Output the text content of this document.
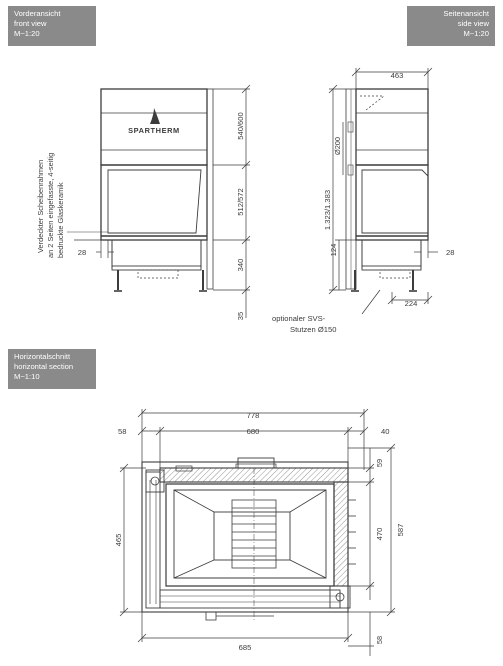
Vorderansicht
front view
M~1:20
Seitenansicht
side view
M~1:20
Horizontalschnitt
horizontal section
M~1:10
SPARTHERM	540/600
512/572
340
35
28
Verdeckter Scheibenrahmen an 2 Seiten eingefasste, 4-seitig bedruckte Glaskeramik
463
Ø200
1.323/1.383
124	28
224
optionaler SVS-
Stutzen Ø150
778
58	680	40
59
470 587
465
685
58
